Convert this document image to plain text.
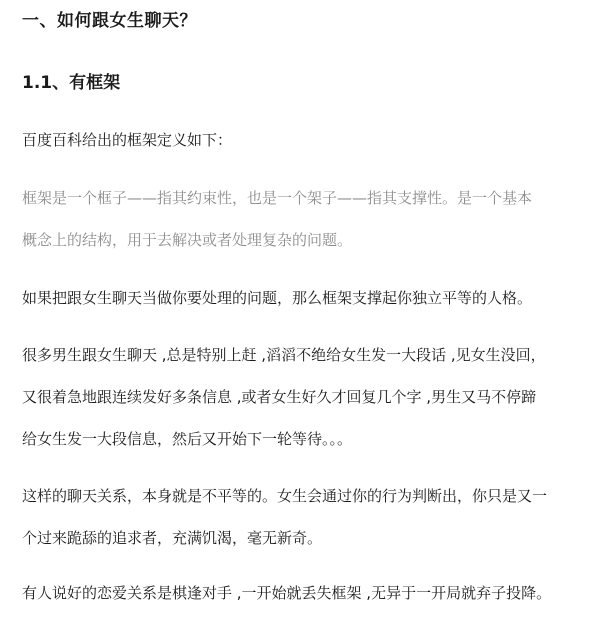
一、如何跟女生聊天？
1.1、有框架
百度百科给出的框架定义如下：
框架是一个框子——指其约束性，也是一个架子——指其支撑性。是一个基本
概念上的结构，用于去解决或者处理复杂的问题。
如果把跟女生聊天当做你要处理的问题，那么框架支撑起你独立平等的人格。
很多男生跟女生聊天 ,总是特别上赶 ,滔滔不绝给女生发一大段话 ,见女生没回，
又很着急地跟连续发好多条信息 ,或者女生好久才回复几个字 ,男生又马不停蹄
给女生发一大段信息，然后又开始下一轮等待。。。
这样的聊天关系，本身就是不平等的。女生会通过你的行为判断出，你只是又一
个过来跪舔的追求者，充满饥渴，毫无新奇。
有人说好的恋爱关系是棋逢对手 ,一开始就丢失框架 ,无异于一开局就弃子投降。
